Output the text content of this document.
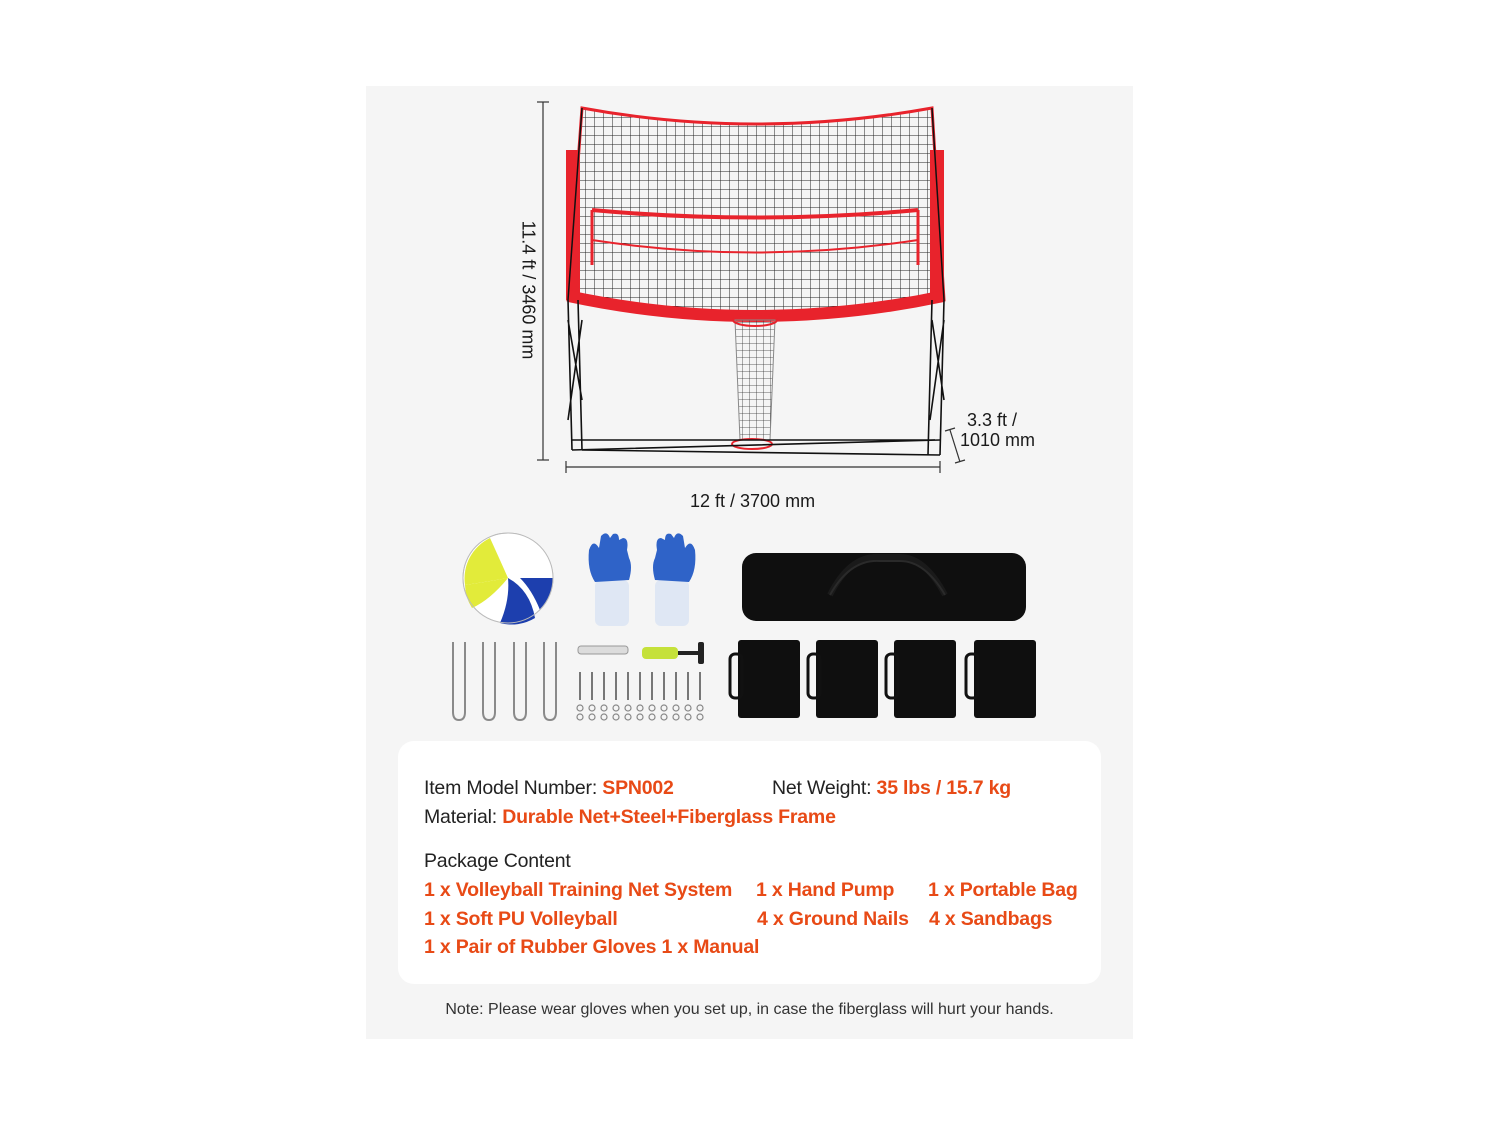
11.4 ft / 3460 mm
12 ft / 3700 mm
3.3 ft /
1010 mm
Item Model Number: SPN002	Net Weight: 35 lbs / 15.7 kg
Material: Durable Net+Steel+Fiberglass Frame
Package Content
1 x Volleyball Training Net System 1 x Hand Pump 1 x Portable Bag
1 x Soft PU Volleyball	4 x Ground Nails 4 x Sandbags
1 x Pair of Rubber Gloves 1 x Manual
Note: Please wear gloves when you set up, in case the fiberglass will hurt your hands.
